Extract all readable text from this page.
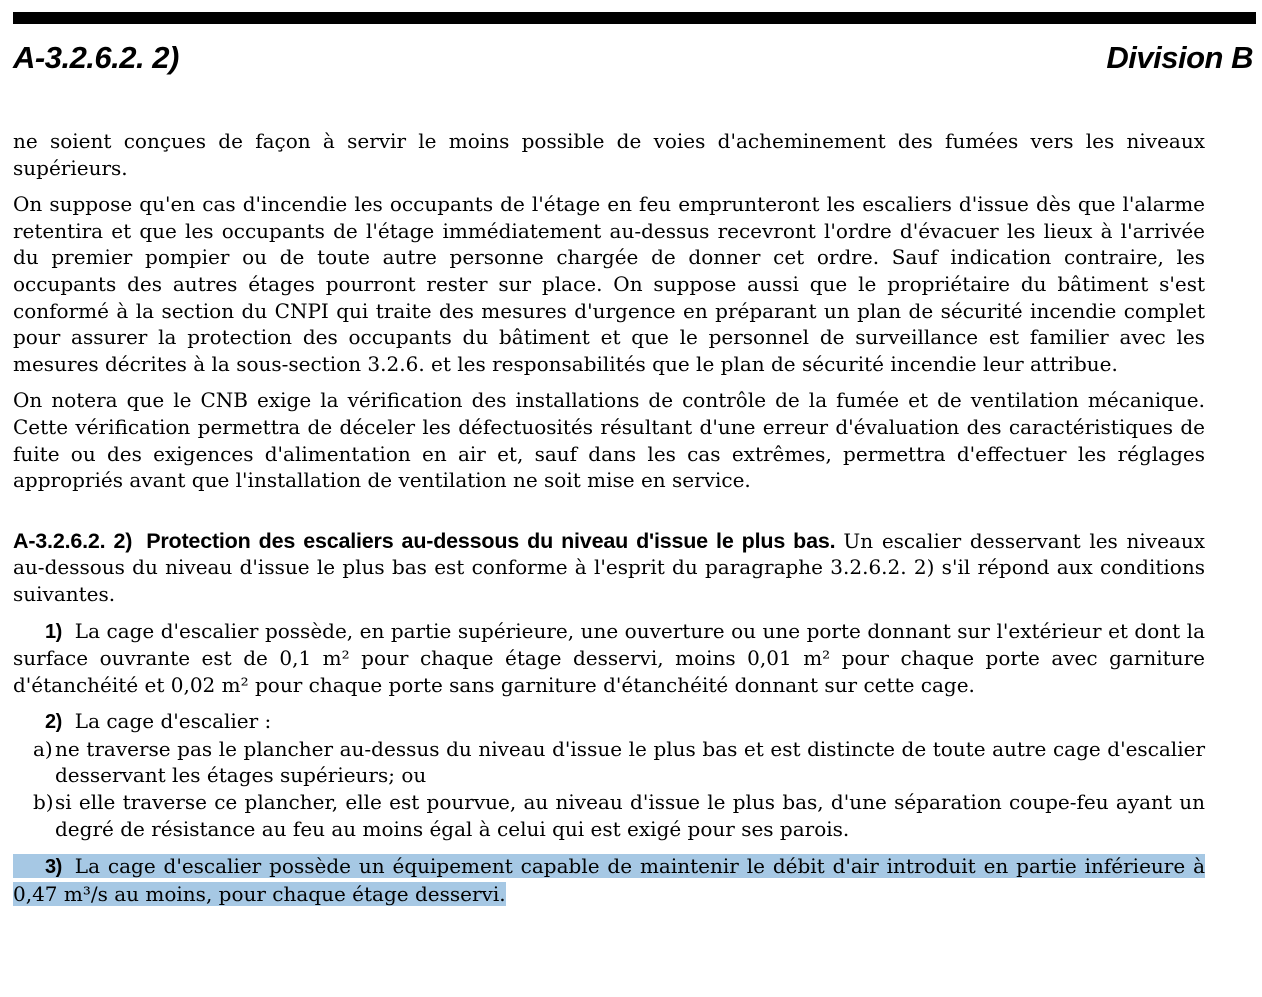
A-3.2.6.2. 2)	Division B

ne soient conçues de façon à servir le moins possible de voies d'acheminement des fumées vers les niveaux supérieurs.

On suppose qu'en cas d'incendie les occupants de l'étage en feu emprunteront les escaliers d'issue dès que l'alarme retentira et que les occupants de l'étage immédiatement au-dessus recevront l'ordre d'évacuer les lieux à l'arrivée du premier pompier ou de toute autre personne chargée de donner cet ordre. Sauf indication contraire, les occupants des autres étages pourront rester sur place. On suppose aussi que le propriétaire du bâtiment s'est conformé à la section du CNPI qui traite des mesures d'urgence en préparant un plan de sécurité incendie complet pour assurer la protection des occupants du bâtiment et que le personnel de surveillance est familier avec les mesures décrites à la sous-section 3.2.6. et les responsabilités que le plan de sécurité incendie leur attribue.

On notera que le CNB exige la vérification des installations de contrôle de la fumée et de ventilation mécanique. Cette vérification permettra de déceler les défectuosités résultant d'une erreur d'évaluation des caractéristiques de fuite ou des exigences d'alimentation en air et, sauf dans les cas extrêmes, permettra d'effectuer les réglages appropriés avant que l'installation de ventilation ne soit mise en service.

A-3.2.6.2. 2) Protection des escaliers au-dessous du niveau d'issue le plus bas. Un escalier desservant les niveaux au-dessous du niveau d'issue le plus bas est conforme à l'esprit du paragraphe 3.2.6.2. 2) s'il répond aux conditions suivantes.

1) La cage d'escalier possède, en partie supérieure, une ouverture ou une porte donnant sur l'extérieur et dont la surface ouvrante est de 0,1 m² pour chaque étage desservi, moins 0,01 m² pour chaque porte avec garniture d'étanchéité et 0,02 m² pour chaque porte sans garniture d'étanchéité donnant sur cette cage.

2) La cage d'escalier :

a) ne traverse pas le plancher au-dessus du niveau d'issue le plus bas et est distincte de toute autre cage d'escalier desservant les étages supérieurs; ou
b) si elle traverse ce plancher, elle est pourvue, au niveau d'issue le plus bas, d'une séparation coupe-feu ayant un degré de résistance au feu au moins égal à celui qui est exigé pour ses parois.

3) La cage d'escalier possède un équipement capable de maintenir le débit d'air introduit en partie inférieure à 0,47 m³/s au moins, pour chaque étage desservi.
